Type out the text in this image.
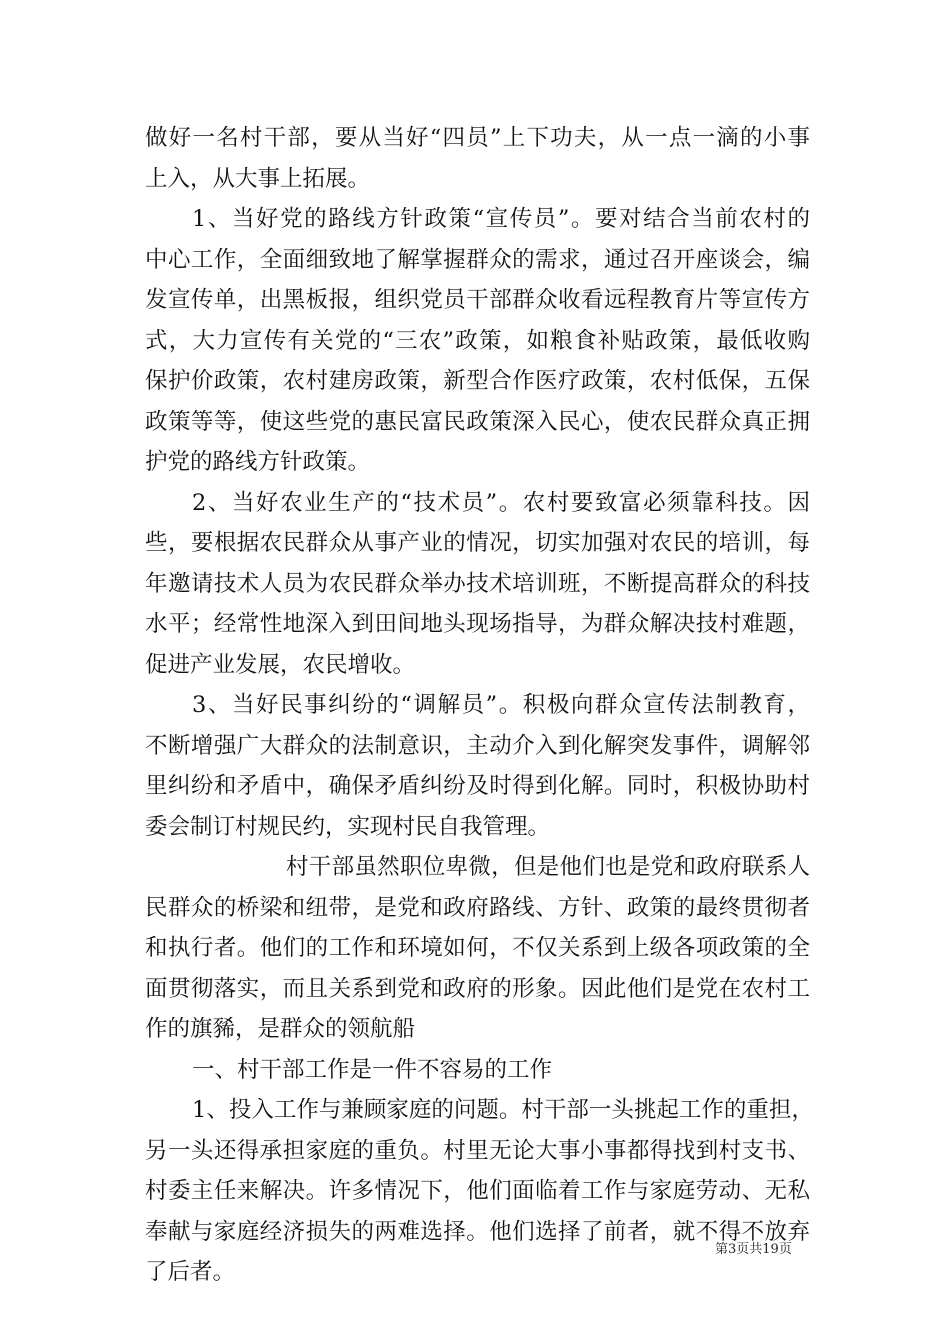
做好一名村干部，要从当好“四员”上下功夫，从一点一滴的小事
上入，从大事上拓展。
1、当好党的路线方针政策“宣传员”。要对结合当前农村的
中心工作，全面细致地了解掌握群众的需求，通过召开座谈会，编
发宣传单，出黑板报，组织党员干部群众收看远程教育片等宣传方
式，大力宣传有关党的“三农”政策，如粮食补贴政策，最低收购
保护价政策，农村建房政策，新型合作医疗政策，农村低保，五保
政策等等，使这些党的惠民富民政策深入民心，使农民群众真正拥
护党的路线方针政策。
2、当好农业生产的“技术员”。农村要致富必须靠科技。因
些，要根据农民群众从事产业的情况，切实加强对农民的培训，每
年邀请技术人员为农民群众举办技术培训班，不断提高群众的科技
水平；经常性地深入到田间地头现场指导，为群众解决技村难题，
促进产业发展，农民增收。
3、当好民事纠纷的“调解员”。积极向群众宣传法制教育，
不断增强广大群众的法制意识，主动介入到化解突发事件，调解邻
里纠纷和矛盾中，确保矛盾纠纷及时得到化解。同时，积极协助村
委会制订村规民约，实现村民自我管理。
村干部虽然职位卑微，但是他们也是党和政府联系人
民群众的桥梁和纽带，是党和政府路线、方针、政策的最终贯彻者
和执行者。他们的工作和环境如何，不仅关系到上级各项政策的全
面贯彻落实，而且关系到党和政府的形象。因此他们是党在农村工
作的旗豨，是群众的领航船
一、村干部工作是一件不容易的工作
1、投入工作与兼顾家庭的问题。村干部一头挑起工作的重担，
另一头还得承担家庭的重负。村里无论大事小事都得找到村支书、
村委主任来解决。许多情况下，他们面临着工作与家庭劳动、无私
奉献与家庭经济损失的两难选择。他们选择了前者，就不得不放弃
了后者。
第3页共19页
